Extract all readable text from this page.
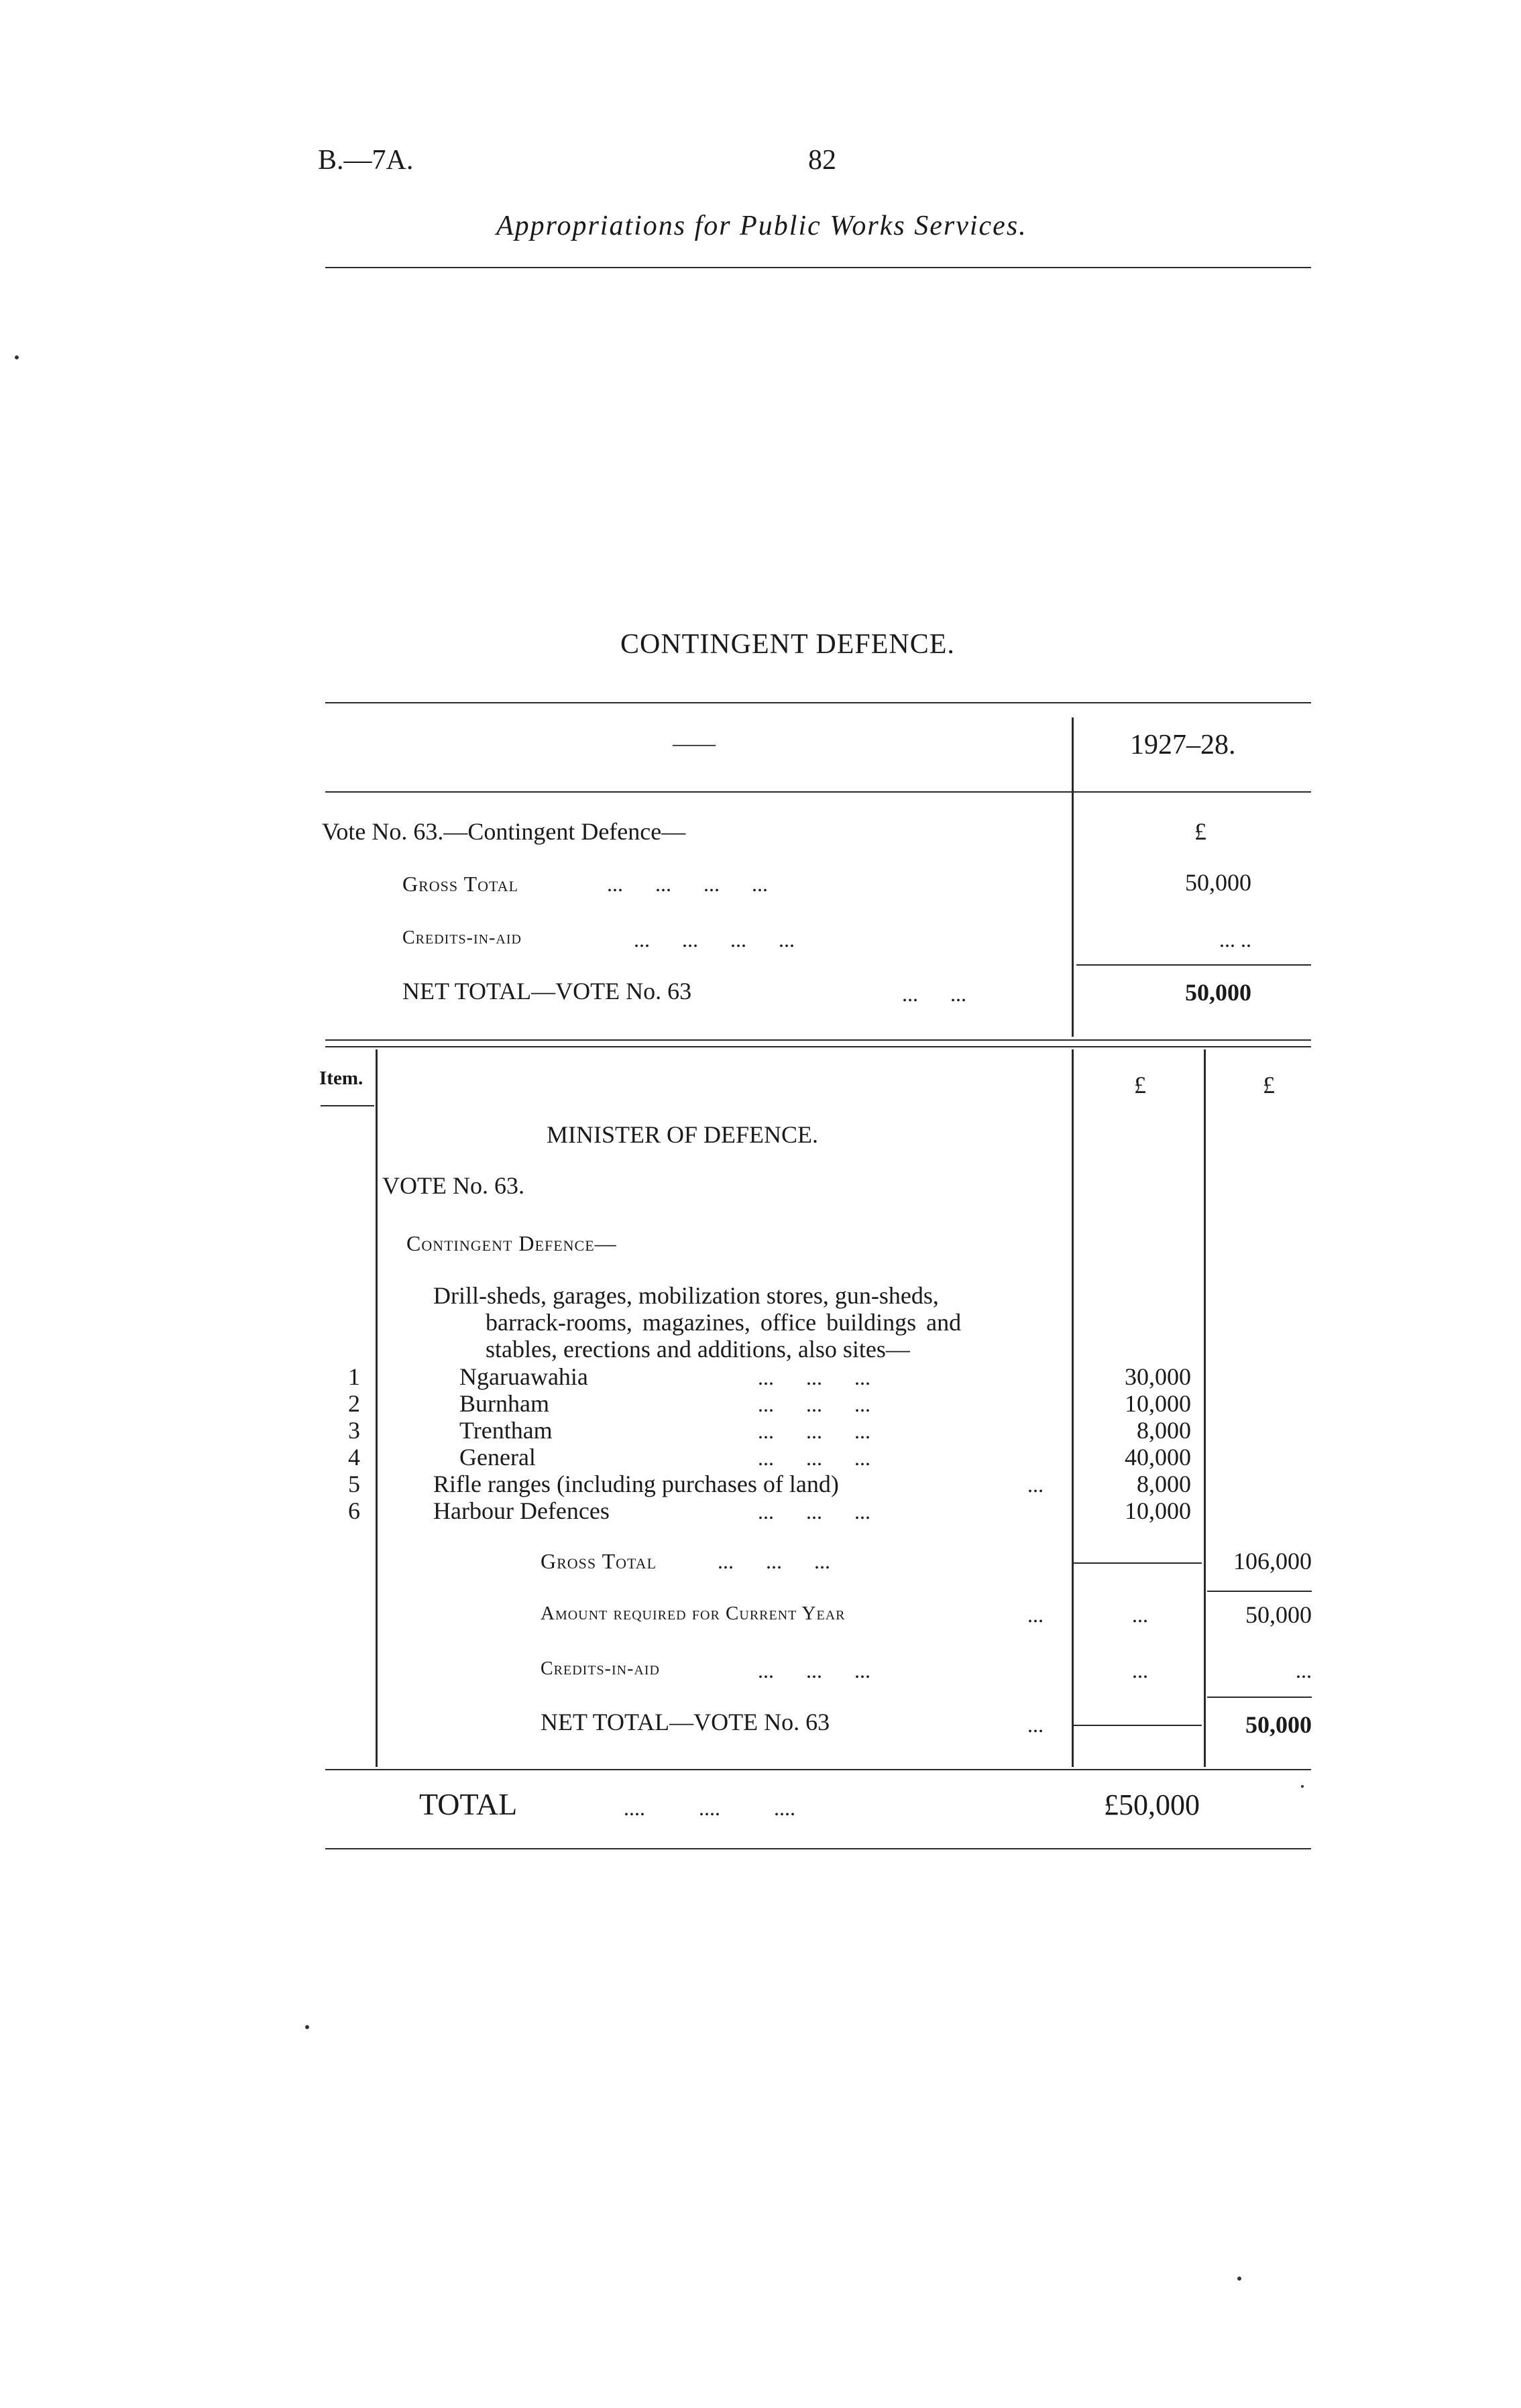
B.—7A.	82
Appropriations for Public Works Services.
CONTINGENT DEFENCE.
——	1927–28.
Vote No. 63.—Contingent Defence—	£
Gross Total	...      ...      ...      ...	50,000
Credits-in-aid	...      ...      ...      ...	... ..
NET TOTAL—VOTE No. 63	...      ...	50,000
Item.	£	£
MINISTER OF DEFENCE.
VOTE No. 63.
Contingent Defence—
Drill-sheds, garages, mobilization stores, gun-sheds,
barrack-rooms, magazines, office buildings and
stables, erections and additions, also sites—
1	Ngaruawahia	...      ...      ...	30,000
2	Burnham	...      ...      ...	10,000
3	Trentham	...      ...      ...	8,000
4	General	...      ...      ...	40,000
5	Rifle ranges (including purchases of land)	...	8,000
6	Harbour Defences	...      ...      ...	10,000
Gross Total	...      ...      ...	106,000
Amount required for Current Year	...	...	50,000
Credits-in-aid	...      ...      ...	...	...
NET TOTAL—VOTE No. 63	...	50,000
TOTAL	....          ....          ....	£50,000
